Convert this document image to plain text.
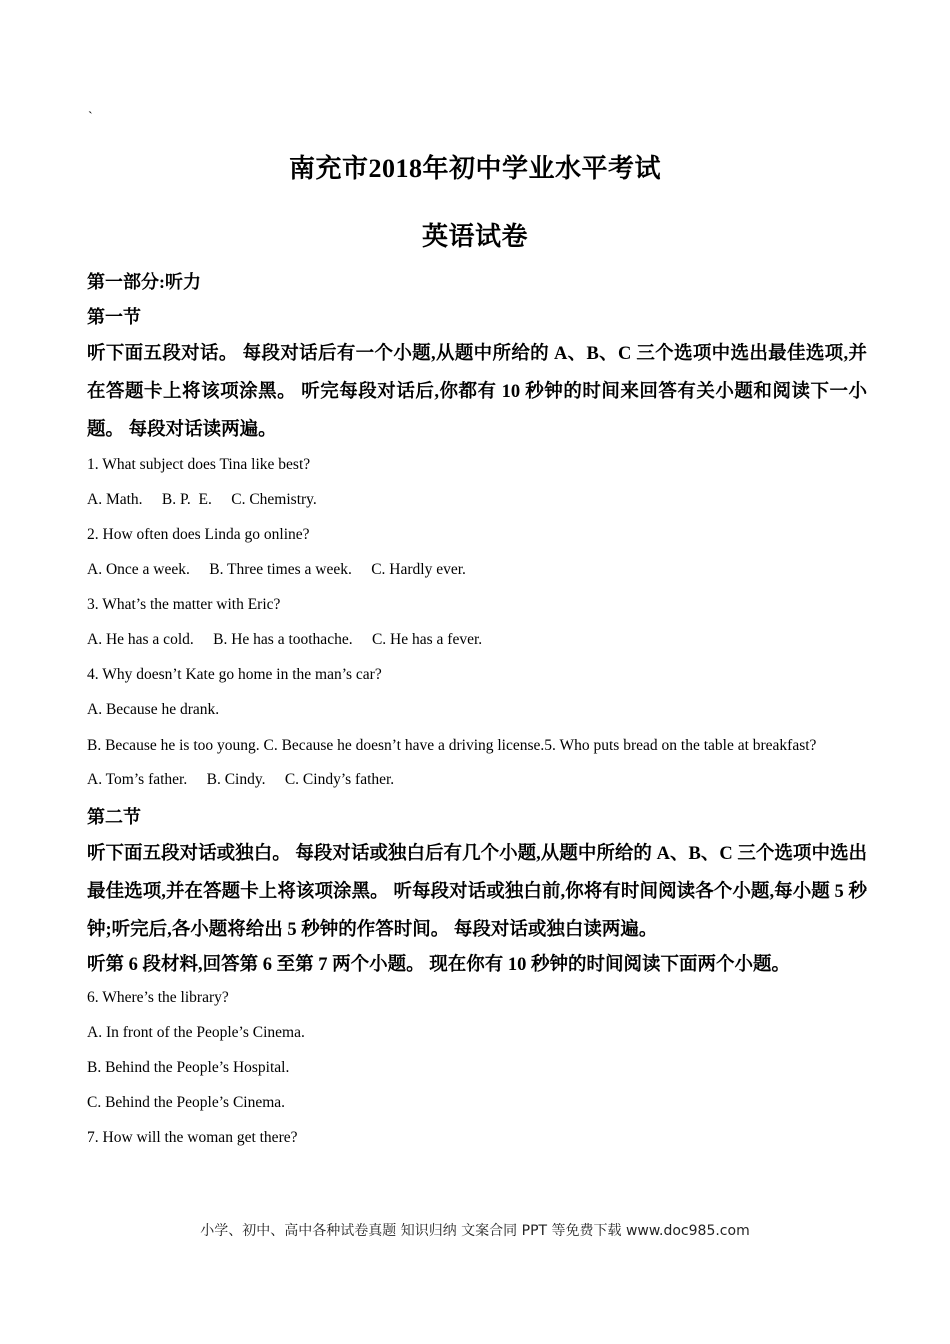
`
南充市2018年初中学业水平考试
英语试卷
第一部分:听力
第一节
听下面五段对话。 每段对话后有一个小题,从题中所给的 A、B、C 三个选项中选出最佳选项,并在答题卡上将该项涂黑。 听完每段对话后,你都有 10 秒钟的时间来回答有关小题和阅读下一小题。 每段对话读两遍。
1. What subject does Tina like best?
A. Math.     B. P.  E.     C. Chemistry.
2. How often does Linda go online?
A. Once a week.     B. Three times a week.     C. Hardly ever.
3. What’s the matter with Eric?
A. He has a cold.     B. He has a toothache.     C. He has a fever.
4. Why doesn’t Kate go home in the man’s car?
A. Because he drank.
B. Because he is too young. C. Because he doesn’t have a driving license.5. Who puts bread on the table at breakfast?
A. Tom’s father.     B. Cindy.     C. Cindy’s father.
第二节
听下面五段对话或独白。 每段对话或独白后有几个小题,从题中所给的 A、B、C 三个选项中选出最佳选项,并在答题卡上将该项涂黑。 听每段对话或独白前,你将有时间阅读各个小题,每小题 5 秒钟;听完后,各小题将给出 5 秒钟的作答时间。 每段对话或独白读两遍。
听第 6 段材料,回答第 6 至第 7 两个小题。 现在你有 10 秒钟的时间阅读下面两个小题。
6. Where’s the library?
A. In front of the People’s Cinema.
B. Behind the People’s Hospital.
C. Behind the People’s Cinema.
7. How will the woman get there?
小学、初中、高中各种试卷真题 知识归纳 文案合同 PPT 等免费下载 www.doc985.com
